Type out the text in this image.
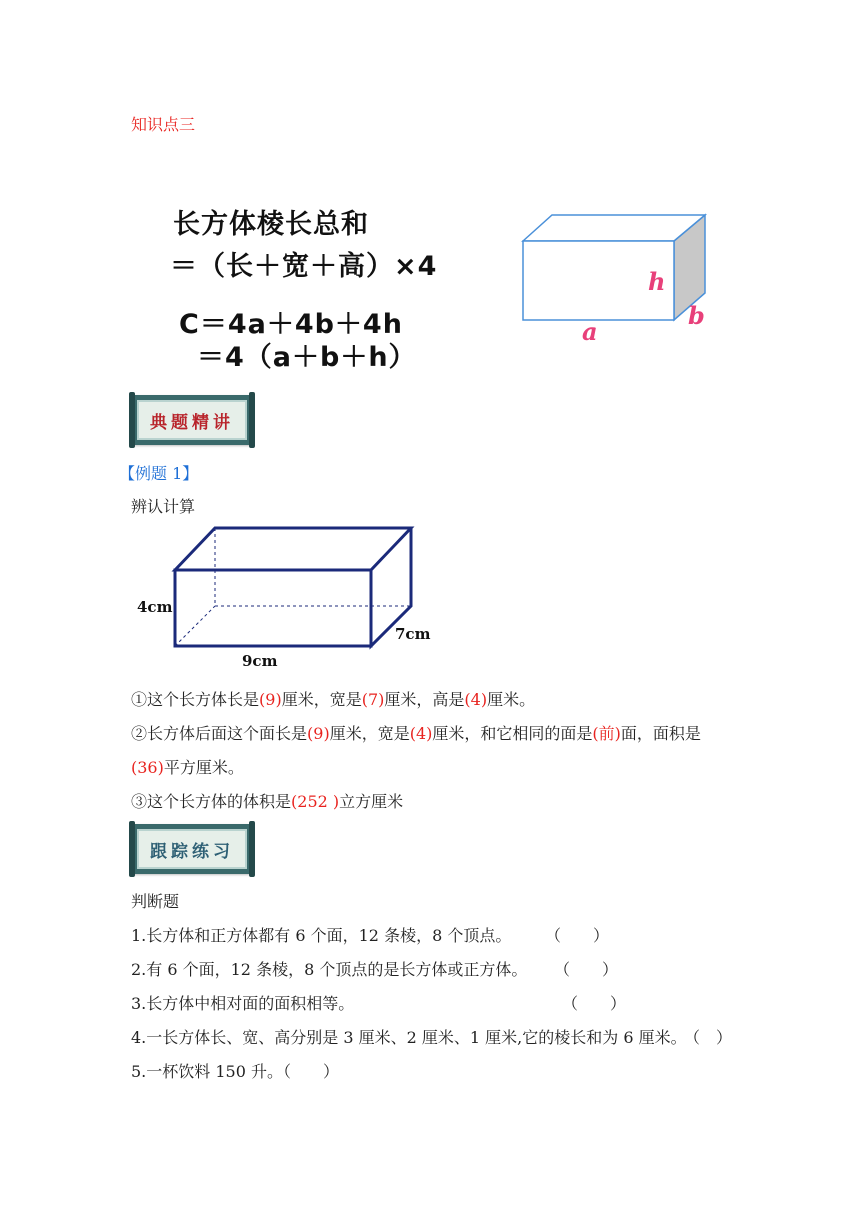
知识点三
长方体棱长总和
＝（长＋宽＋高）×4
C＝4a＋4b＋4h
＝4（a＋b＋h）
h
a
b
典题精讲
【例题 1】
辨认计算
4cm
7cm
9cm
①这个长方体长是(9)厘米，宽是(7)厘米，高是(4)厘米。
②长方体后面这个面长是(9)厘米，宽是(4)厘米，和它相同的面是(前)面，面积是
(36)平方厘米。
③这个长方体的体积是(252 )立方厘米
跟踪练习
判断题
1.长方体和正方体都有 6 个面，12 条棱，8 个顶点。 （　　）
2.有 6 个面，12 条棱，8 个顶点的是长方体或正方体。 （　　）
3.长方体中相对面的面积相等。	（　　）
4.一长方体长、宽、高分别是 3 厘米、2 厘米、1 厘米,它的棱长和为 6 厘米。
（　）
5.一杯饮料 150 升。（　　）
